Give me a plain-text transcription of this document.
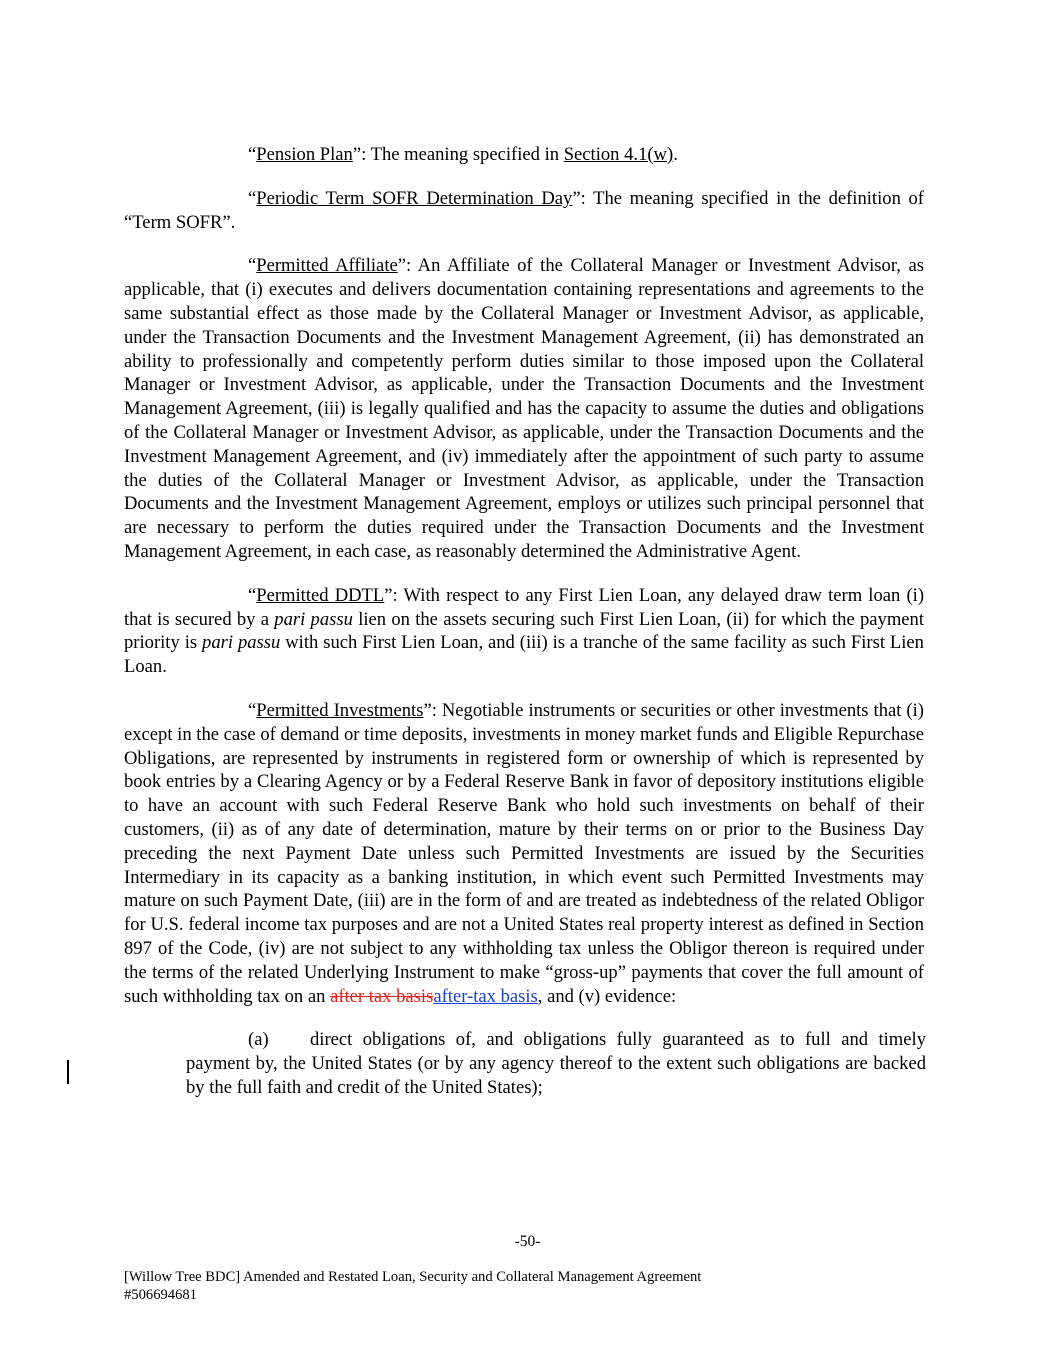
“Pension Plan”: The meaning specified in Section 4.1(w).

“Periodic Term SOFR Determination Day”: The meaning specified in the definition of “Term SOFR”.

“Permitted Affiliate”: An Affiliate of the Collateral Manager or Investment Advisor, as applicable, that (i) executes and delivers documentation containing representations and agreements to the same substantial effect as those made by the Collateral Manager or Investment Advisor, as applicable, under the Transaction Documents and the Investment Management Agreement, (ii) has demonstrated an ability to professionally and competently perform duties similar to those imposed upon the Collateral Manager or Investment Advisor, as applicable, under the Transaction Documents and the Investment Management Agreement, (iii) is legally qualified and has the capacity to assume the duties and obligations of the Collateral Manager or Investment Advisor, as applicable, under the Transaction Documents and the Investment Management Agreement, and (iv) immediately after the appointment of such party to assume the duties of the Collateral Manager or Investment Advisor, as applicable, under the Transaction Documents and the Investment Management Agreement, employs or utilizes such principal personnel that are necessary to perform the duties required under the Transaction Documents and the Investment Management Agreement, in each case, as reasonably determined the Administrative Agent.

“Permitted DDTL”: With respect to any First Lien Loan, any delayed draw term loan (i) that is secured by a pari passu lien on the assets securing such First Lien Loan, (ii) for which the payment priority is pari passu with such First Lien Loan, and (iii) is a tranche of the same facility as such First Lien Loan.

“Permitted Investments”: Negotiable instruments or securities or other investments that (i) except in the case of demand or time deposits, investments in money market funds and Eligible Repurchase Obligations, are represented by instruments in registered form or ownership of which is represented by book entries by a Clearing Agency or by a Federal Reserve Bank in favor of depository institutions eligible to have an account with such Federal Reserve Bank who hold such investments on behalf of their customers, (ii) as of any date of determination, mature by their terms on or prior to the Business Day preceding the next Payment Date unless such Permitted Investments are issued by the Securities Intermediary in its capacity as a banking institution, in which event such Permitted Investments may mature on such Payment Date, (iii) are in the form of and are treated as indebtedness of the related Obligor for U.S. federal income tax purposes and are not a United States real property interest as defined in Section 897 of the Code, (iv) are not subject to any withholding tax unless the Obligor thereon is required under the terms of the related Underlying Instrument to make “gross-up” payments that cover the full amount of such withholding tax on an after tax basisafter-tax basis, and (v) evidence:

(a) direct obligations of, and obligations fully guaranteed as to full and timely payment by, the United States (or by any agency thereof to the extent such obligations are backed by the full faith and credit of the United States);

-50-
[Willow Tree BDC] Amended and Restated Loan, Security and Collateral Management Agreement
#506694681
